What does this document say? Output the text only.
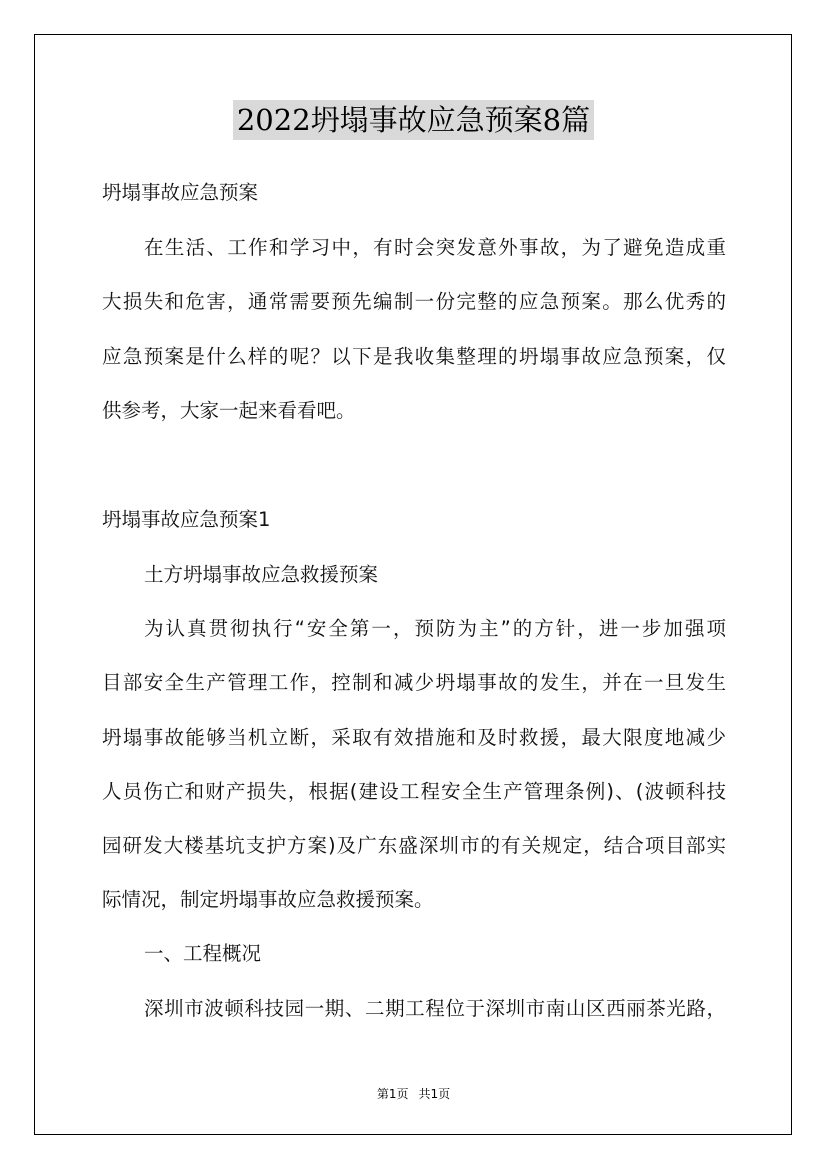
2022坍塌事故应急预案8篇
坍塌事故应急预案
在生活、工作和学习中，有时会突发意外事故，为了避免造成重
大损失和危害，通常需要预先编制一份完整的应急预案。那么优秀的
应急预案是什么样的呢？以下是我收集整理的坍塌事故应急预案，仅
供参考，大家一起来看看吧。
坍塌事故应急预案1
土方坍塌事故应急救援预案
为认真贯彻执行“安全第一，预防为主”的方针，进一步加强项
目部安全生产管理工作，控制和减少坍塌事故的发生，并在一旦发生
坍塌事故能够当机立断，采取有效措施和及时救援，最大限度地减少
人员伤亡和财产损失，根据(建设工程安全生产管理条例)、(波顿科技
园研发大楼基坑支护方案)及广东盛深圳市的有关规定，结合项目部实
际情况，制定坍塌事故应急救援预案。
一、工程概况
深圳市波顿科技园一期、二期工程位于深圳市南山区西丽茶光路，
第1页 共1页
